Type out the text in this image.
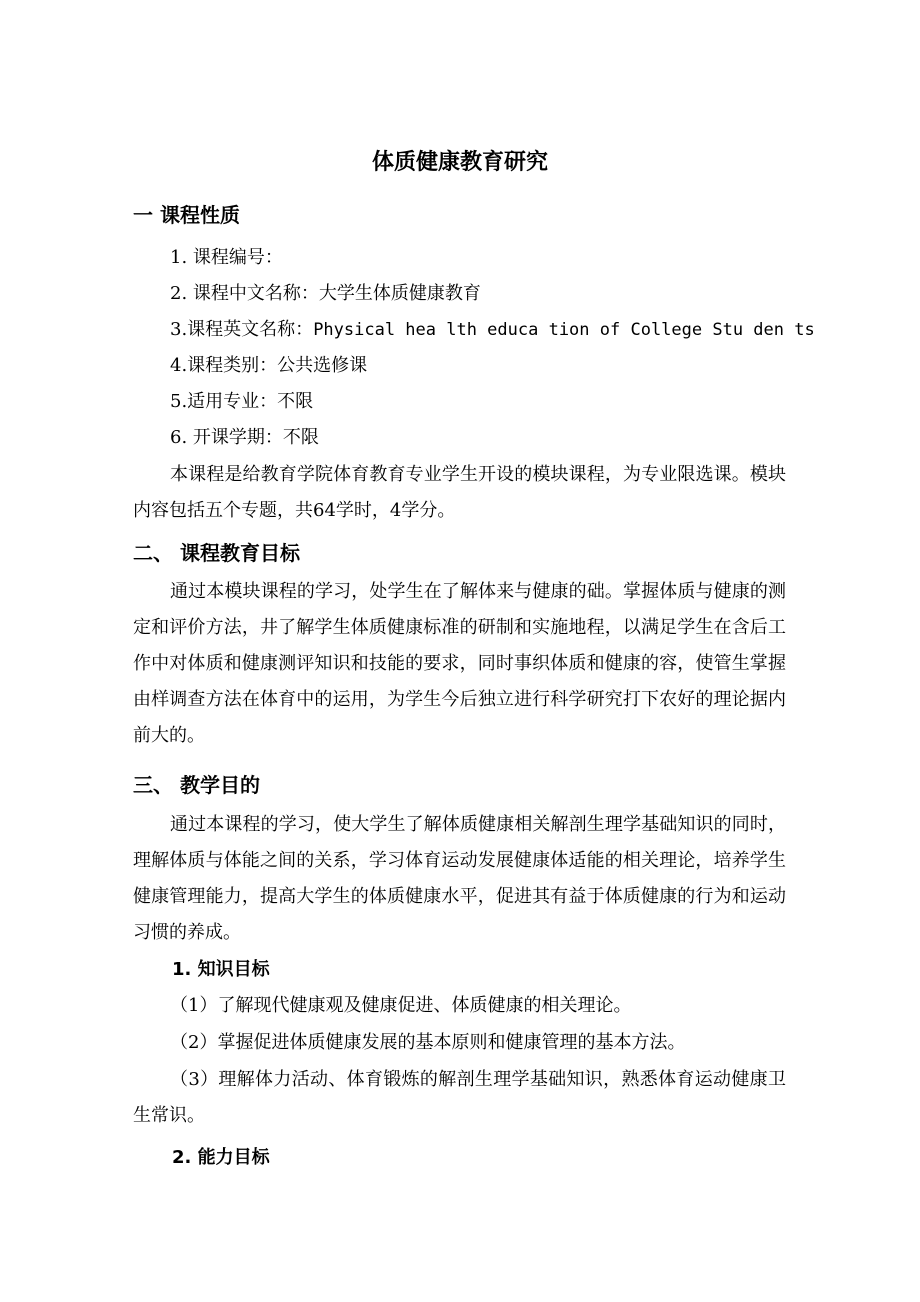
体质健康教育研究
一 课程性质
1. 课程编号：
2. 课程中文名称：大学生体质健康教育
3.课程英文名称：Physical hea lth educa tion of College Stu den ts
4.课程类别：公共选修课
5.适用专业：不限
6. 开课学期：不限
本课程是给教育学院体育教育专业学生开设的模块课程，为专业限选课。模块内容包括五个专题，共64学时，4学分。
二、 课程教育目标
通过本模块课程的学习，处学生在了解体来与健康的础。掌握体质与健康的测定和评价方法，井了解学生体质健康标准的研制和实施地程，以满足学生在含后工作中对体质和健康测评知识和技能的要求，同时事织体质和健康的容，使管生掌握由样调查方法在体育中的运用，为学生今后独立进行科学研究打下农好的理论据内前大的。
三、 教学目的
通过本课程的学习，使大学生了解体质健康相关解剖生理学基础知识的同时，理解体质与体能之间的关系，学习体育运动发展健康体适能的相关理论，培养学生健康管理能力，提高大学生的体质健康水平，促进其有益于体质健康的行为和运动习惯的养成。
1. 知识目标
（1）了解现代健康观及健康促进、体质健康的相关理论。
（2）掌握促进体质健康发展的基本原则和健康管理的基本方法。
（3）理解体力活动、体育锻炼的解剖生理学基础知识，熟悉体育运动健康卫生常识。
2. 能力目标
